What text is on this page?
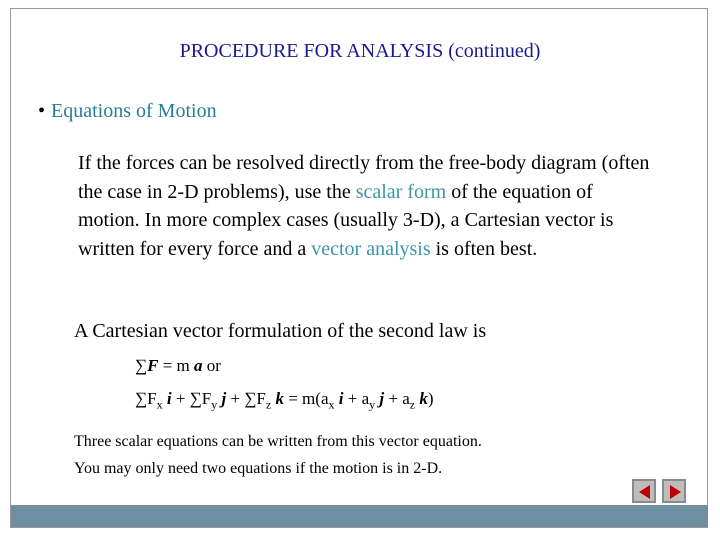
PROCEDURE FOR ANALYSIS (continued)
• Equations of Motion
If the forces can be resolved directly from the free-body diagram (often the case in 2-D problems), use the scalar form of the equation of motion. In more complex cases (usually 3-D), a Cartesian vector is written for every force and a vector analysis is often best.
A Cartesian vector formulation of the second law is
∑F = m a or
$\sum F_x$ $i + \sum F_y$ $j + \sum F_z$ $k = m(a_x$ $i + a_y$ $j + a_z$ k)
Three scalar equations can be written from this vector equation.
You may only need two equations if the motion is in 2-D.
